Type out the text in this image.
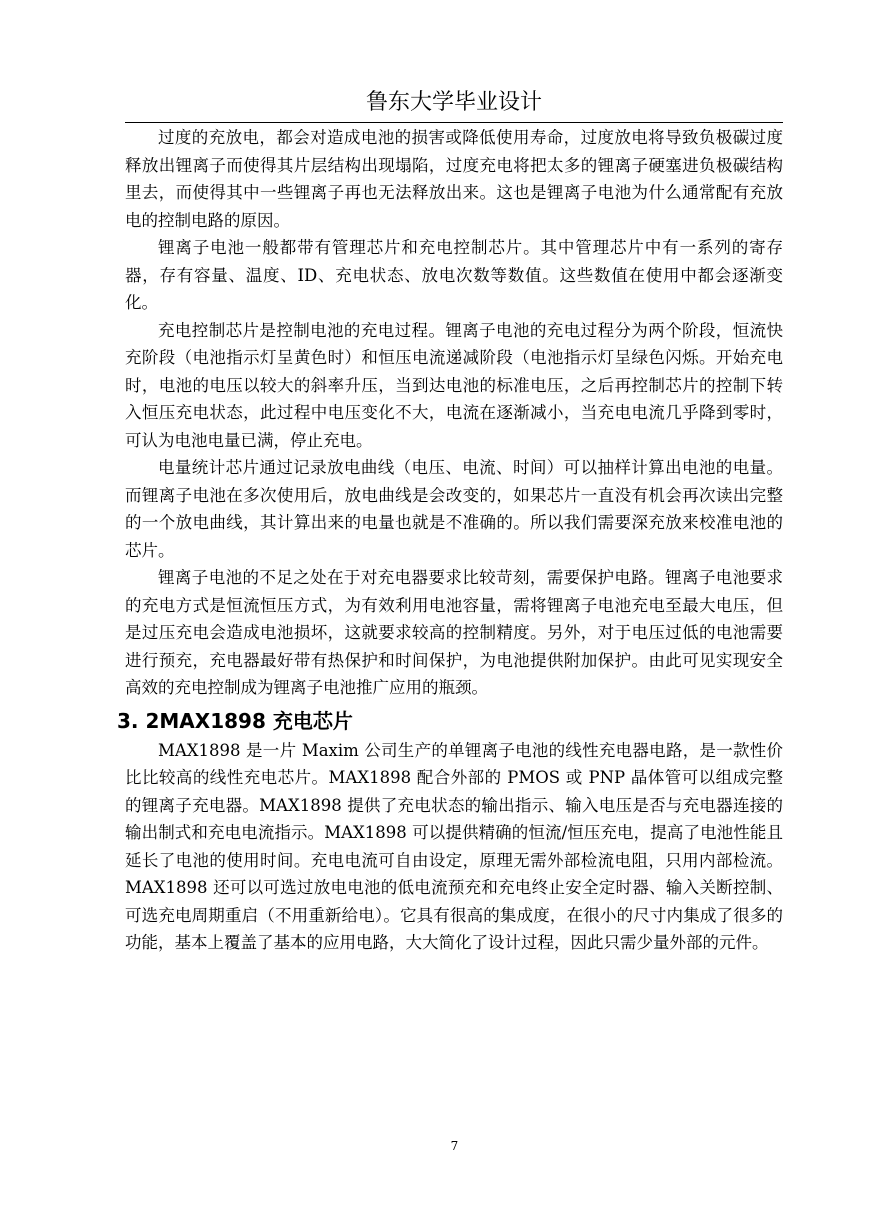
鲁东大学毕业设计

过度的充放电，都会对造成电池的损害或降低使用寿命，过度放电将导致负极碳过度释放出锂离子而使得其片层结构出现塌陷，过度充电将把太多的锂离子硬塞进负极碳结构里去，而使得其中一些锂离子再也无法释放出来。这也是锂离子电池为什么通常配有充放电的控制电路的原因。

锂离子电池一般都带有管理芯片和充电控制芯片。其中管理芯片中有一系列的寄存器，存有容量、温度、ID、充电状态、放电次数等数值。这些数值在使用中都会逐渐变化。

充电控制芯片是控制电池的充电过程。锂离子电池的充电过程分为两个阶段，恒流快充阶段（电池指示灯呈黄色时）和恒压电流递减阶段（电池指示灯呈绿色闪烁。开始充电时，电池的电压以较大的斜率升压，当到达电池的标准电压，之后再控制芯片的控制下转入恒压充电状态，此过程中电压变化不大，电流在逐渐减小，当充电电流几乎降到零时，可认为电池电量已满，停止充电。

电量统计芯片通过记录放电曲线（电压、电流、时间）可以抽样计算出电池的电量。而锂离子电池在多次使用后，放电曲线是会改变的，如果芯片一直没有机会再次读出完整的一个放电曲线，其计算出来的电量也就是不准确的。所以我们需要深充放来校准电池的芯片。

锂离子电池的不足之处在于对充电器要求比较苛刻，需要保护电路。锂离子电池要求的充电方式是恒流恒压方式，为有效利用电池容量，需将锂离子电池充电至最大电压，但是过压充电会造成电池损坏，这就要求较高的控制精度。另外，对于电压过低的电池需要进行预充，充电器最好带有热保护和时间保护，为电池提供附加保护。由此可见实现安全高效的充电控制成为锂离子电池推广应用的瓶颈。

3. 2MAX1898 充电芯片

MAX1898 是一片 Maxim 公司生产的单锂离子电池的线性充电器电路，是一款性价比比较高的线性充电芯片。MAX1898 配合外部的 PMOS 或 PNP 晶体管可以组成完整的锂离子充电器。MAX1898 提供了充电状态的输出指示、输入电压是否与充电器连接的输出制式和充电电流指示。MAX1898 可以提供精确的恒流/恒压充电，提高了电池性能且延长了电池的使用时间。充电电流可自由设定，原理无需外部检流电阻，只用内部检流。MAX1898 还可以可选过放电电池的低电流预充和充电终止安全定时器、输入关断控制、可选充电周期重启（不用重新给电）。它具有很高的集成度，在很小的尺寸内集成了很多的功能，基本上覆盖了基本的应用电路，大大简化了设计过程，因此只需少量外部的元件。

7
